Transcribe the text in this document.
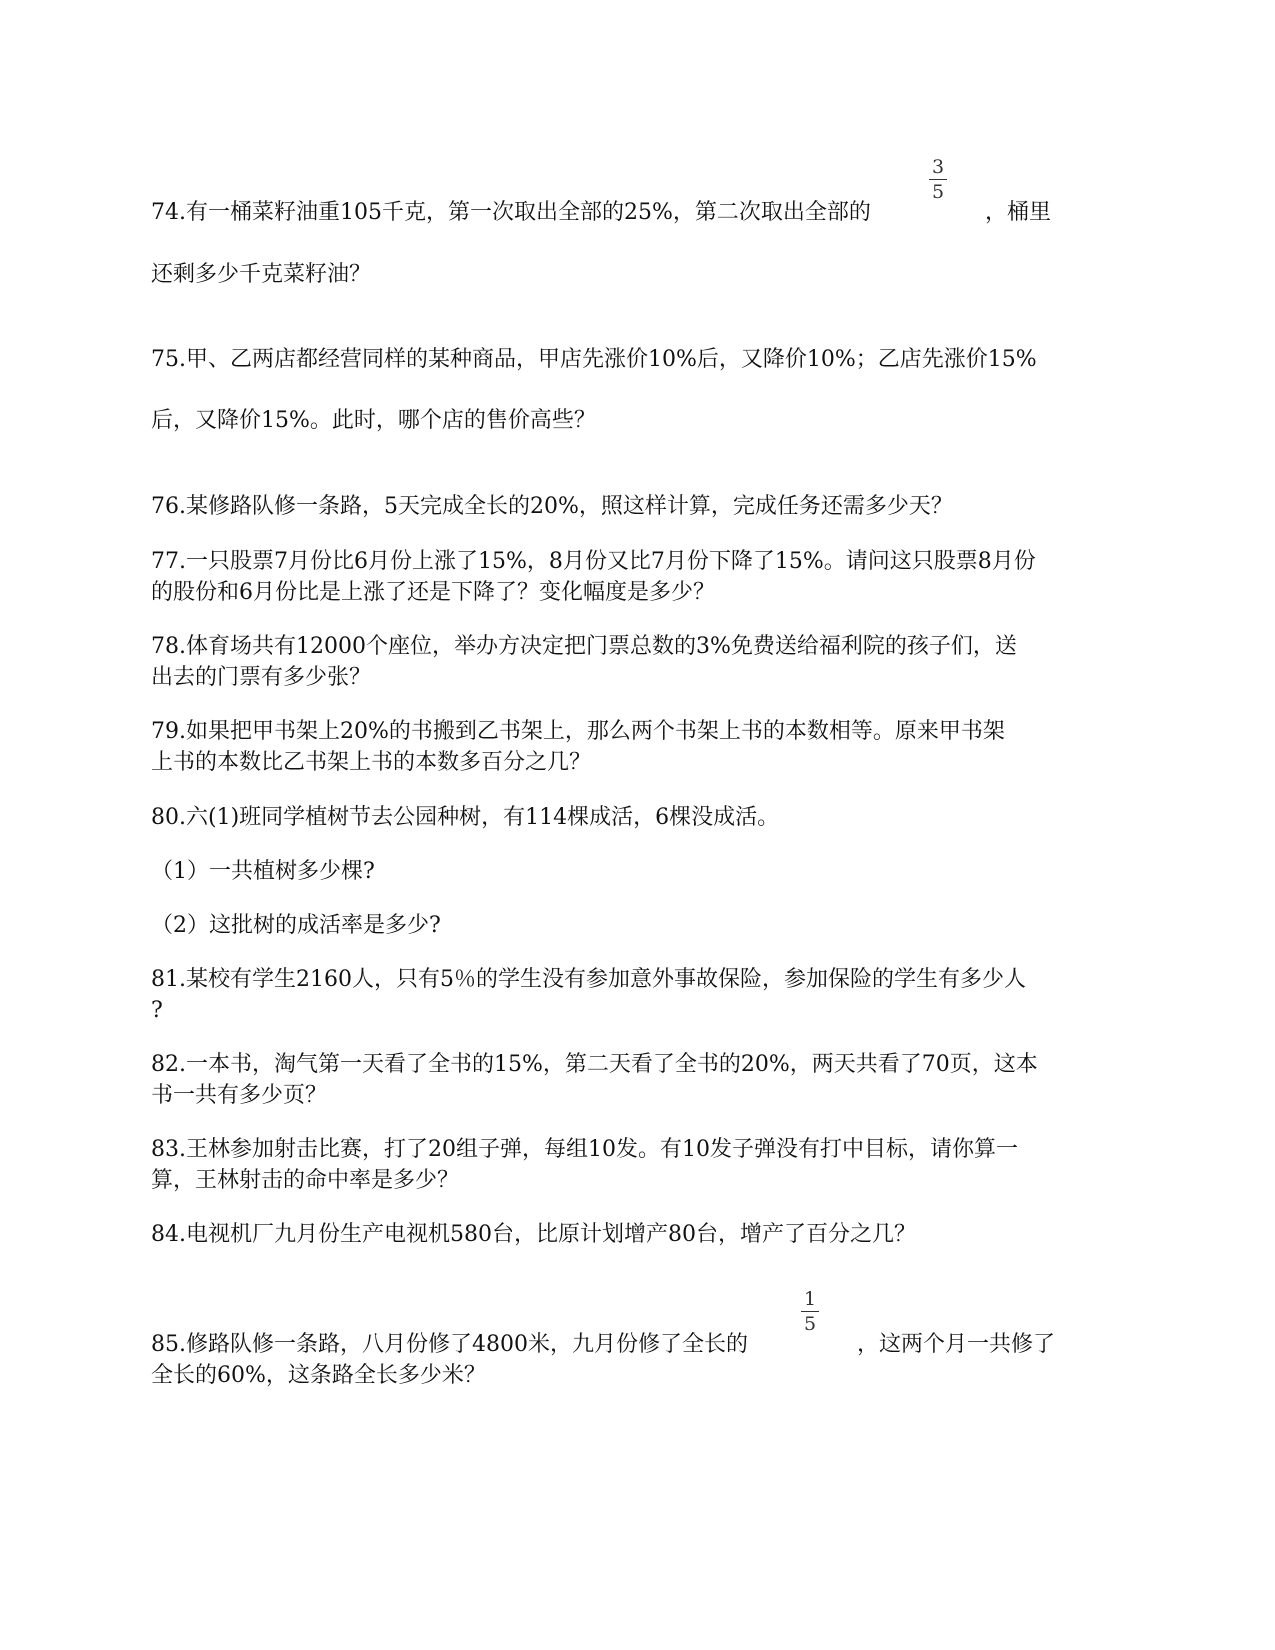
74.有一桶菜籽油重105千克，第一次取出全部的25%，第二次取出全部的
3
5
，桶里
还剩多少千克菜籽油？
75.甲、乙两店都经营同样的某种商品，甲店先涨价10%后，又降价10%；乙店先涨价15%
后，又降价15%。此时，哪个店的售价高些？
76.某修路队修一条路，5天完成全长的20%，照这样计算，完成任务还需多少天？
77.一只股票7月份比6月份上涨了15%，8月份又比7月份下降了15%。请问这只股票8月份
的股份和6月份比是上涨了还是下降了？变化幅度是多少？
78.体育场共有12000个座位，举办方决定把门票总数的3%免费送给福利院的孩子们，送
出去的门票有多少张？
79.如果把甲书架上20%的书搬到乙书架上，那么两个书架上书的本数相等。原来甲书架
上书的本数比乙书架上书的本数多百分之几？
80.六(1)班同学植树节去公园种树，有114棵成活，6棵没成活。
（1）一共植树多少棵?
（2）这批树的成活率是多少?
81.某校有学生2160人，只有5％的学生没有参加意外事故保险，参加保险的学生有多少人
?
82.一本书，淘气第一天看了全书的15%，第二天看了全书的20%，两天共看了70页，这本
书一共有多少页？
83.王林参加射击比赛，打了20组子弹，每组10发。有10发子弹没有打中目标，请你算一
算，王林射击的命中率是多少？
84.电视机厂九月份生产电视机580台，比原计划增产80台，增产了百分之几？
85.修路队修一条路，八月份修了4800米，九月份修了全长的
1
5
，这两个月一共修了
全长的60%，这条路全长多少米？
